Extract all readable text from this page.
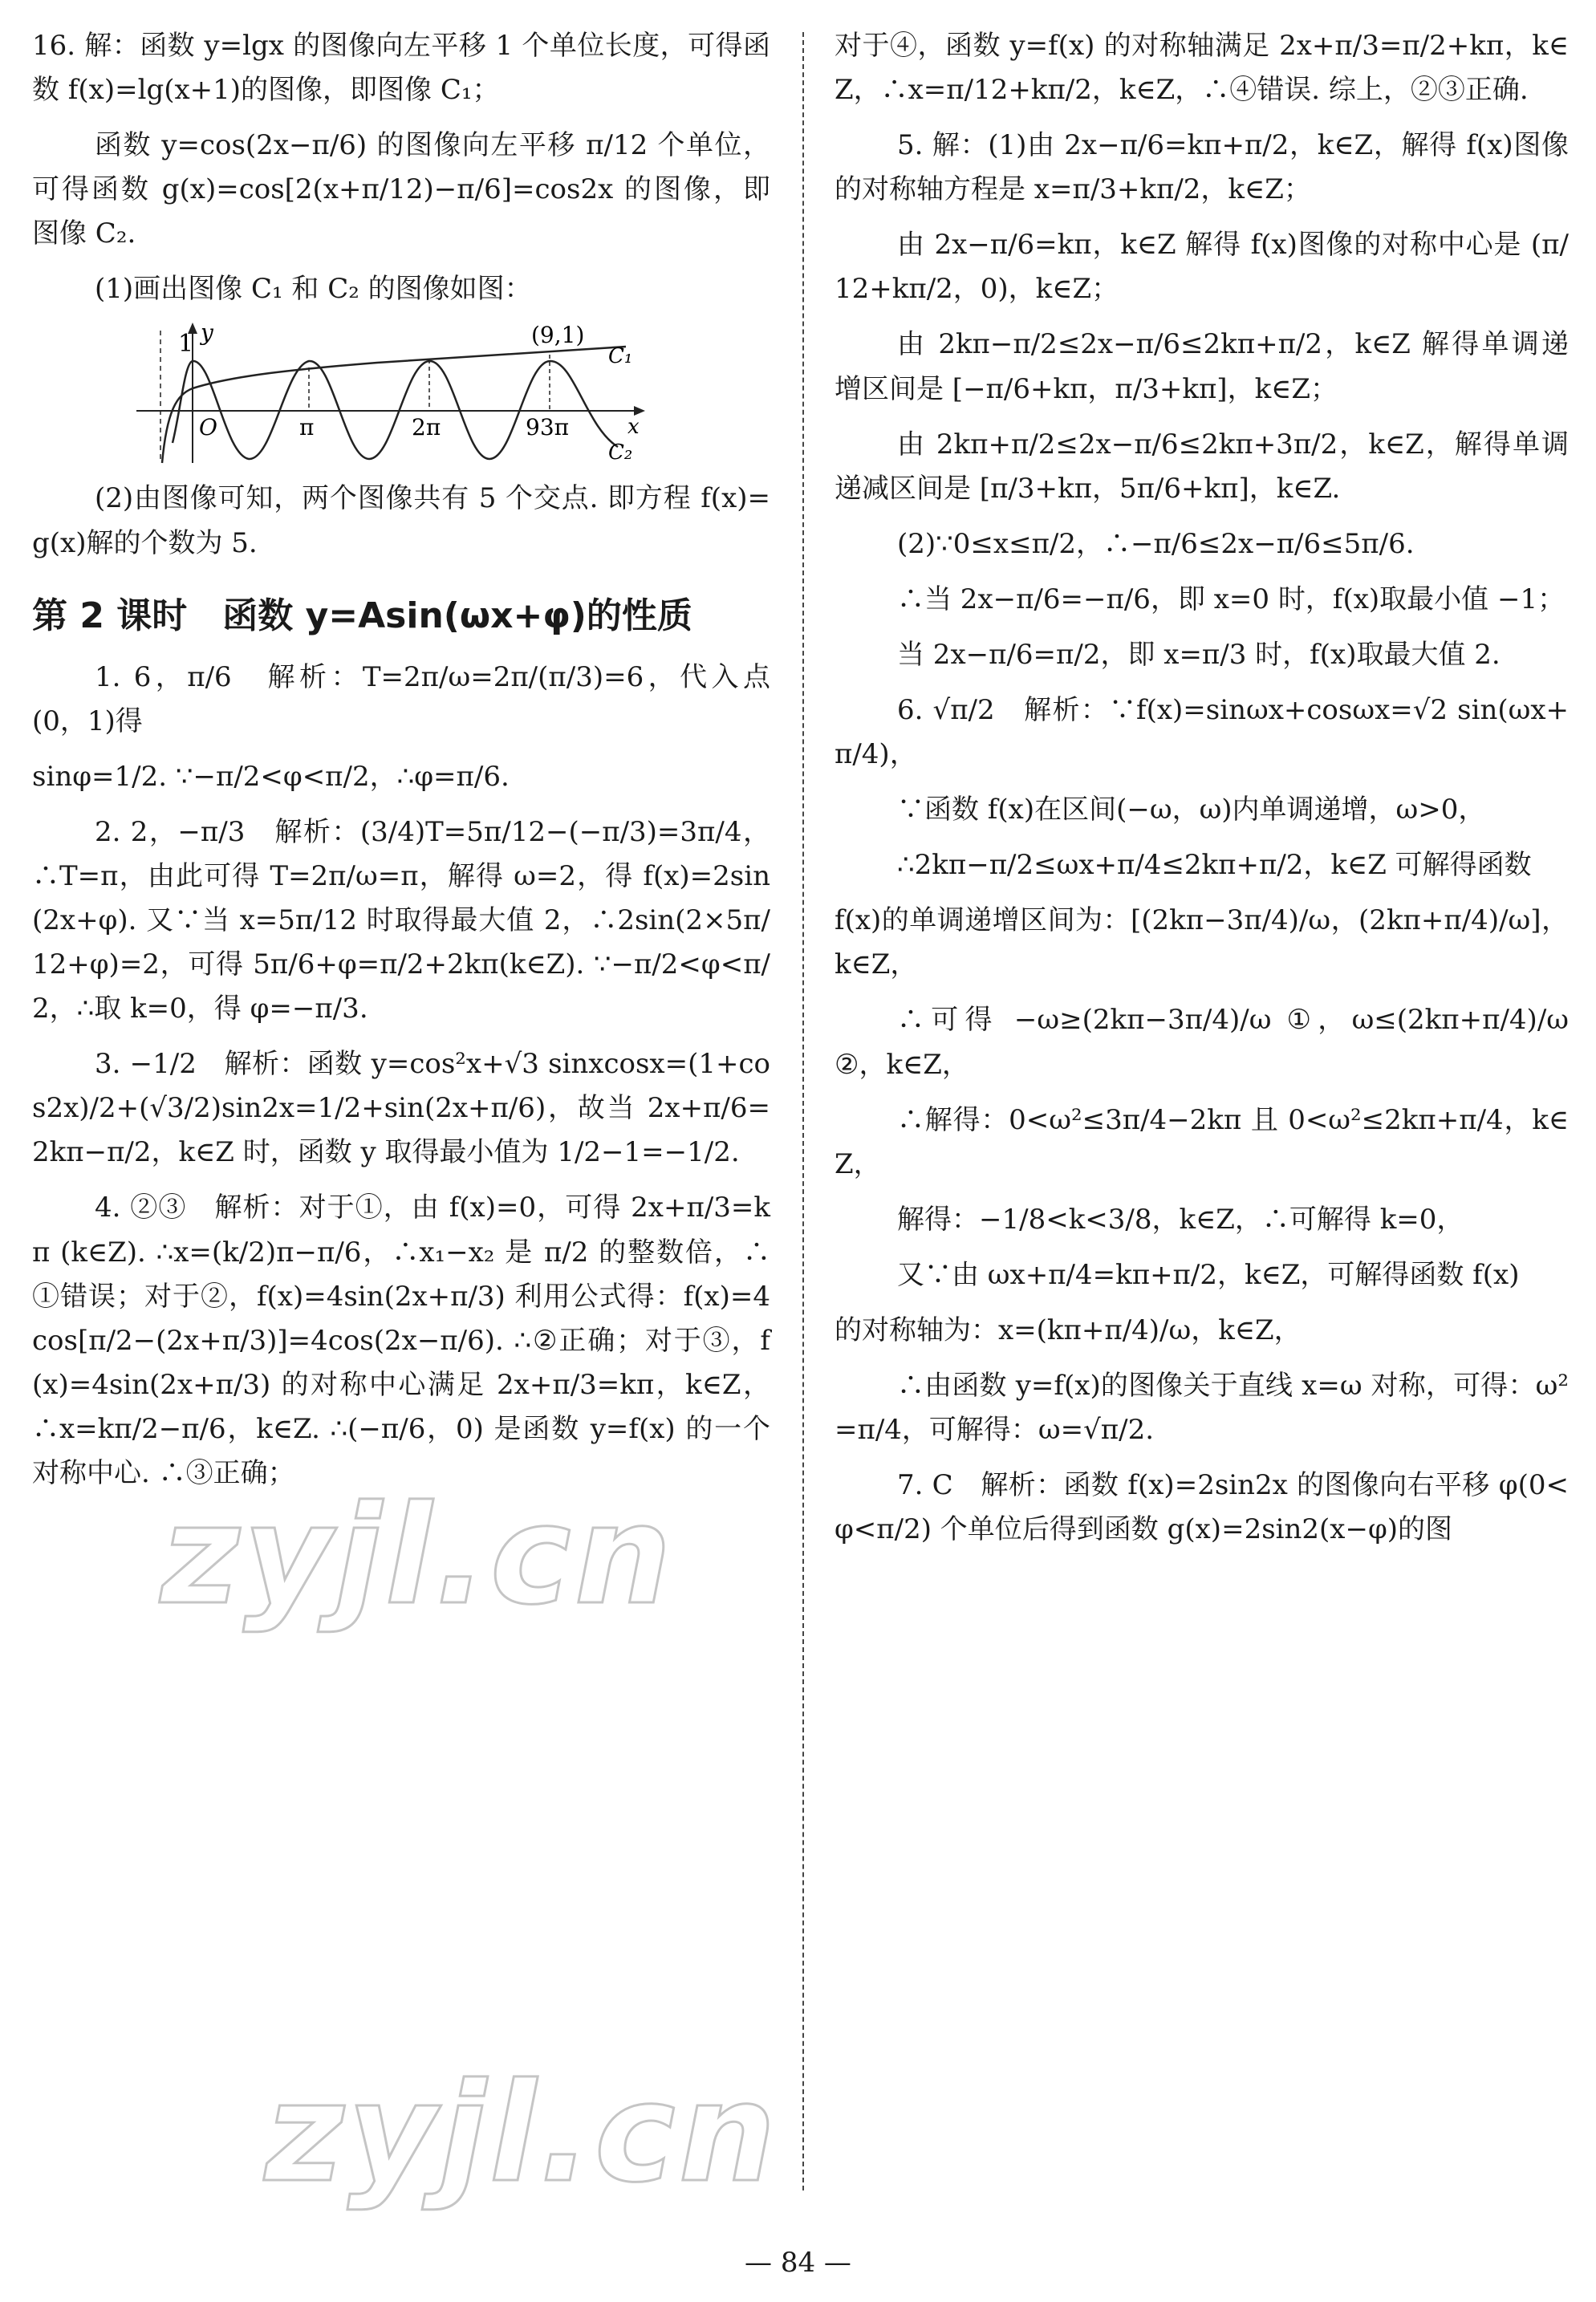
16. 解：函数 y=lgx 的图像向左平移 1 个单位长度，可得函数 f(x)=lg(x+1)的图像，即图像 C₁；

函数 y=cos(2x−π/6) 的图像向左平移 π/12 个单位，可得函数 g(x)=cos[2(x+π/12)−π/6]=cos2x 的图像，即图像 C₂.

(1)画出图像 C₁ 和 C₂ 的图像如图：

1 y
O	π	2π	93π	x
(9,1)
C₁
C₂

(2)由图像可知，两个图像共有 5 个交点. 即方程 f(x)=g(x)解的个数为 5.

第 2 课时　函数 y=Asin(ωx+φ)的性质

1. 6，π/6　解析：T=2π/ω=2π/(π/3)=6，代入点(0，1)得

sinφ=1/2. ∵−π/2<φ<π/2，∴φ=π/6.

2. 2，−π/3　解析：(3/4)T=5π/12−(−π/3)=3π/4，∴T=π，由此可得 T=2π/ω=π，解得 ω=2，得 f(x)=2sin(2x+φ). 又∵当 x=5π/12 时取得最大值 2，∴2sin(2×5π/12+φ)=2，可得 5π/6+φ=π/2+2kπ(k∈Z). ∵−π/2<φ<π/2，∴取 k=0，得 φ=−π/3.

3. −1/2　解析：函数 y=cos²x+√3 sinxcosx=(1+cos2x)/2+(√3/2)sin2x=1/2+sin(2x+π/6)，故当 2x+π/6=2kπ−π/2，k∈Z 时，函数 y 取得最小值为 1/2−1=−1/2.

4. ②③　解析：对于①，由 f(x)=0，可得 2x+π/3=kπ (k∈Z). ∴x=(k/2)π−π/6，∴x₁−x₂ 是 π/2 的整数倍，∴①错误；对于②，f(x)=4sin(2x+π/3) 利用公式得：f(x)=4cos[π/2−(2x+π/3)]=4cos(2x−π/6). ∴②正确；对于③，f(x)=4sin(2x+π/3) 的对称中心满足 2x+π/3=kπ，k∈Z，∴x=kπ/2−π/6，k∈Z. ∴(−π/6，0) 是函数 y=f(x) 的一个对称中心. ∴③正确；

对于④，函数 y=f(x) 的对称轴满足 2x+π/3=π/2+kπ，k∈Z，∴x=π/12+kπ/2，k∈Z，∴④错误. 综上，②③正确.

5. 解：(1)由 2x−π/6=kπ+π/2，k∈Z，解得 f(x)图像的对称轴方程是 x=π/3+kπ/2，k∈Z；

由 2x−π/6=kπ，k∈Z 解得 f(x)图像的对称中心是 (π/12+kπ/2，0)，k∈Z；

由 2kπ−π/2≤2x−π/6≤2kπ+π/2，k∈Z 解得单调递增区间是 [−π/6+kπ，π/3+kπ]，k∈Z；

由 2kπ+π/2≤2x−π/6≤2kπ+3π/2，k∈Z，解得单调递减区间是 [π/3+kπ，5π/6+kπ]，k∈Z.

(2)∵0≤x≤π/2，∴−π/6≤2x−π/6≤5π/6.

∴当 2x−π/6=−π/6，即 x=0 时，f(x)取最小值 −1；

当 2x−π/6=π/2，即 x=π/3 时，f(x)取最大值 2.

6. √π/2　解析：∵f(x)=sinωx+cosωx=√2 sin(ωx+π/4)，

∵函数 f(x)在区间(−ω，ω)内单调递增，ω>0，

∴2kπ−π/2≤ωx+π/4≤2kπ+π/2，k∈Z 可解得函数

f(x)的单调递增区间为：[(2kπ−3π/4)/ω，(2kπ+π/4)/ω]，k∈Z，

∴可得 −ω≥(2kπ−3π/4)/ω ①，ω≤(2kπ+π/4)/ω ②，k∈Z，

∴解得：0<ω²≤3π/4−2kπ 且 0<ω²≤2kπ+π/4，k∈Z，

解得：−1/8<k<3/8，k∈Z，∴可解得 k=0，

又∵由 ωx+π/4=kπ+π/2，k∈Z，可解得函数 f(x)

的对称轴为：x=(kπ+π/4)/ω，k∈Z，

∴由函数 y=f(x)的图像关于直线 x=ω 对称，可得：ω²=π/4，可解得：ω=√π/2.

7. C　解析：函数 f(x)=2sin2x 的图像向右平移 φ(0<φ<π/2) 个单位后得到函数 g(x)=2sin2(x−φ)的图

zyjl.cn
zyjl.cn
— 84 —
